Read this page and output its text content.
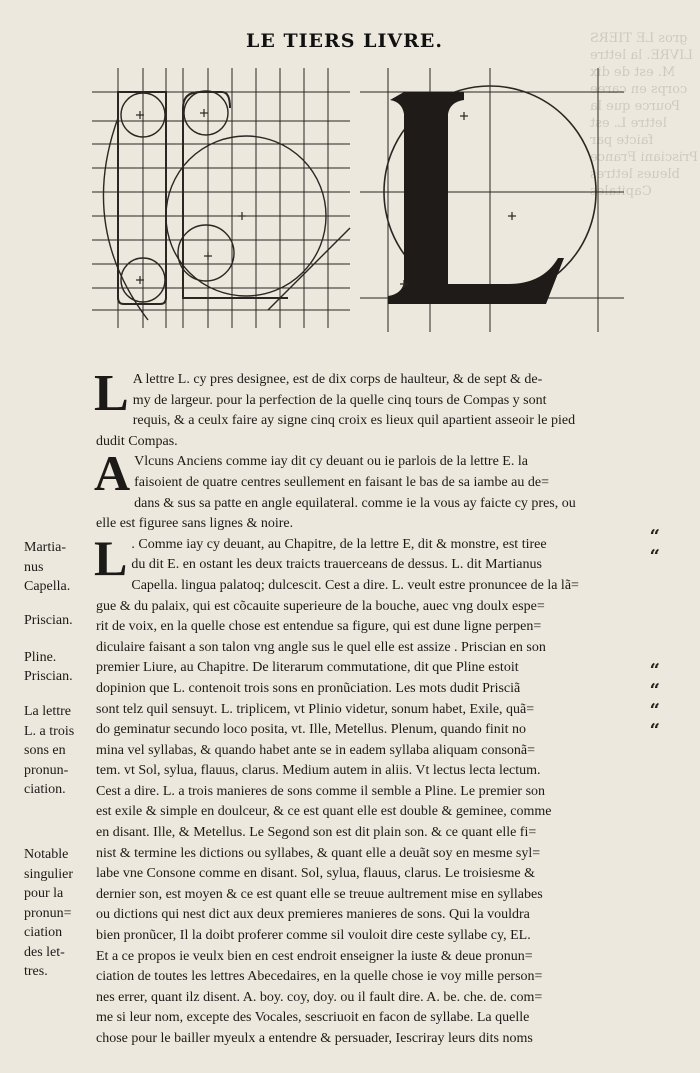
gros LE TIERS LIVRE. la lettre M. est de dix corps en caree Pource que la lettre L. est faicte par Prisciani France bleues lettres Capitales
LE TIERS LIVRE.
L A lettre L. cy pres designee, est de dix corps de haulteur, & de sept & de-
my de largeur. pour la perfection de la quelle cinq tours de Compas y sont
requis, & a ceulx faire ay signe cinq croix es lieux quil apartient asseoir le pied
dudit Compas.
A Vlcuns Anciens comme iay dit cy deuant ou ie parlois de la lettre E. la
faisoient de quatre centres seullement en faisant le bas de sa iambe au de=
dans & sus sa patte en angle equilateral. comme ie la vous ay faicte cy pres, ou
elle est figuree sans lignes & noire.
L . Comme iay cy deuant, au Chapitre, de la lettre E, dit & monstre, est tiree
du dit E. en ostant les deux traicts trauerceans de dessus. L. dit Martianus
Capella. lingua palatoq; dulcescit. Cest a dire. L. veult estre pronuncee de la lã=
gue & du palaix, qui est cõcauite superieure de la bouche, auec vng doulx espe=
rit de voix, en la quelle chose est entendue sa figure, qui est dune ligne perpen=
diculaire faisant a son talon vng angle sus le quel elle est assize . Priscian en son
premier Liure, au Chapitre. De literarum commutatione, dit que Pline estoit
dopinion que L. contenoit trois sons en pronũciation. Les mots dudit Prisciã
sont telz quil sensuyt. L. triplicem, vt Plinio videtur, sonum habet, Exile, quã=
do geminatur secundo loco posita, vt. Ille, Metellus. Plenum, quando finit no
mina vel syllabas, & quando habet ante se in eadem syllaba aliquam consonã=
tem. vt Sol, sylua, flauus, clarus. Medium autem in aliis. Vt lectus lecta lectum.
Cest a dire. L. a trois manieres de sons comme il semble a Pline. Le premier son
est exile & simple en doulceur, & ce est quant elle est double & geminee, comme
en disant. Ille, & Metellus. Le Segond son est dit plain son. & ce quant elle fi=
nist & termine les dictions ou syllabes, & quant elle a deuãt soy en mesme syl=
labe vne Consone comme en disant. Sol, sylua, flauus, clarus. Le troisiesme &
dernier son, est moyen & ce est quant elle se treuue aultrement mise en syllabes
ou dictions qui nest dict aux deux premieres manieres de sons. Qui la vouldra
bien pronũcer, Il la doibt proferer comme sil vouloit dire ceste syllabe cy, EL.
Et a ce propos ie veulx bien en cest endroit enseigner la iuste & deue pronun=
ciation de toutes les lettres Abecedaires, en la quelle chose ie voy mille person=
nes errer, quant ilz disent. A. boy. coy, doy. ou il fault dire. A. be. che. de. com=
me si leur nom, excepte des Vocales, sescriuoit en facon de syllabe. La quelle
chose pour le bailler myeulx a entendre & persuader, Iescriray leurs dits noms
Martia-
nus
Capella.
Priscian.
Pline.
Priscian.
La lettre
L. a trois
sons en
pronun-
ciation.
Notable
singulier
pour la
pronun=
ciation
des let-
tres.
“
“
“
“
“
“
